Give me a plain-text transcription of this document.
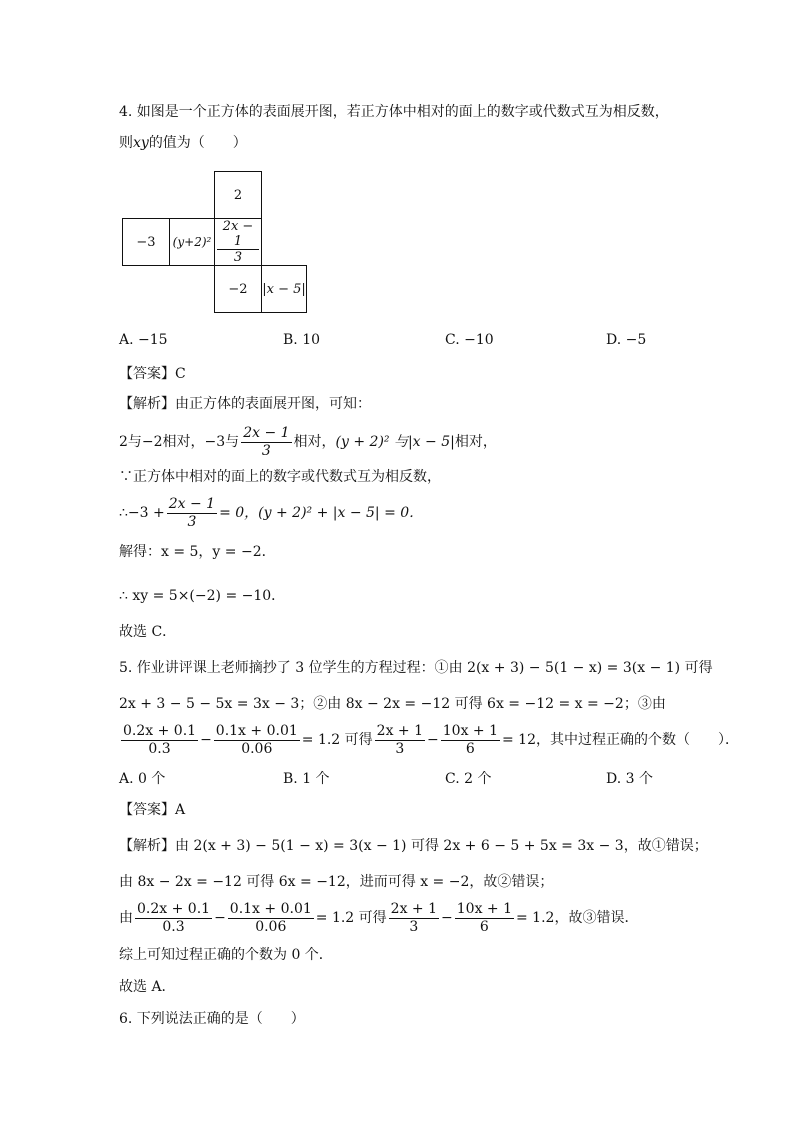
4. 如图是一个正方体的表面展开图，若正方体中相对的面上的数字或代数式互为相反数，
则xy的值为（　　）
2
−3 $(y+2)^2 \frac{2x - 1}{3}$
−2 |x − 5|
A. −15	B. 10	C. −10	D. −5
【答案】C
【解析】由正方体的表面展开图，可知：
2与−2相对，−3与 $\frac{2x - 1}{3}$ 相对，(y + 2)² 与|x − 5|相对，
∵正方体中相对的面上的数字或代数式互为相反数，
∴−3 + $\frac{2x - 1}{3} = 0$，(y + 2)² + |x − 5| = 0．
解得：x = 5，y = −2．
∴ xy = 5×(−2) = −10．
故选 C．
5. 作业讲评课上老师摘抄了 3 位学生的方程过程：①由 2(x + 3) − 5(1 − x) = 3(x − 1) 可得
2x + 3 − 5 − 5x = 3x − 3；②由 8x − 2x = −12 可得 6x = −12 = x = −2；③由
$\frac{0.2x + 0.1}{0.3} - \frac{0.1x + 0.01}{0.06} = 1.2$ 可得 $\frac{2x + 1}{3} - \frac{10x + 1}{6} = 12$，其中过程正确的个数（　　）．
A. 0 个	B. 1 个	C. 2 个	D. 3 个
【答案】A
【解析】由 2(x + 3) − 5(1 − x) = 3(x − 1) 可得 2x + 6 − 5 + 5x = 3x − 3，故①错误；
由 8x − 2x = −12 可得 6x = −12，进而可得 x = −2，故②错误；
由 $\frac{0.2x + 0.1}{0.3} - \frac{0.1x + 0.01}{0.06} = 1.2$ 可得 $\frac{2x + 1}{3} - \frac{10x + 1}{6} = 1.2$，故③错误．
综上可知过程正确的个数为 0 个．
故选 A．
6. 下列说法正确的是（　　）
